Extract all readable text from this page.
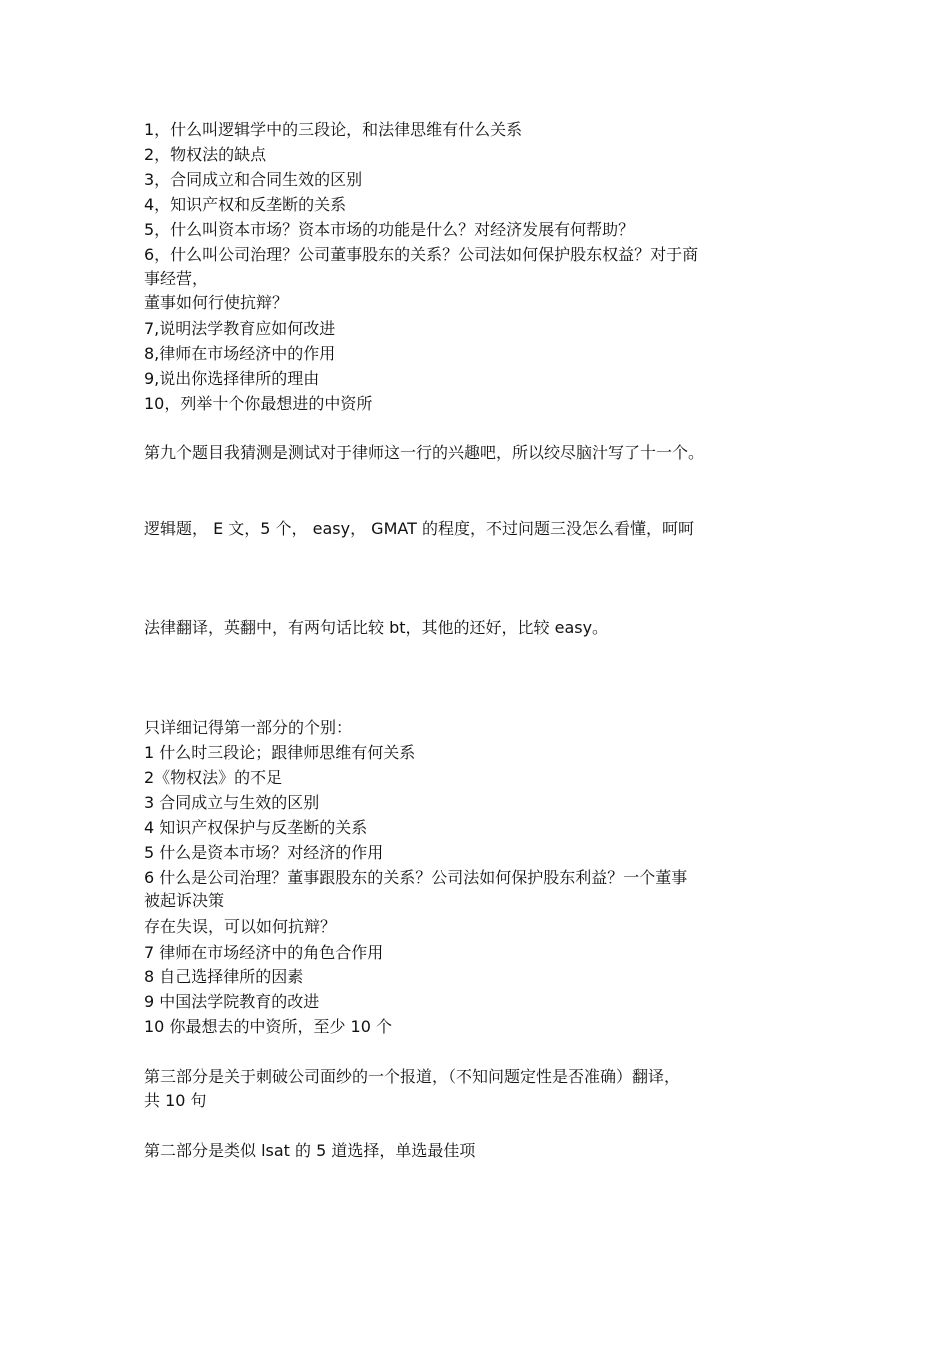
1，什么叫逻辑学中的三段论，和法律思维有什么关系

2，物权法的缺点

3，合同成立和合同生效的区别

4，知识产权和反垄断的关系

5，什么叫资本市场？资本市场的功能是什么？对经济发展有何帮助？

6，什么叫公司治理？公司董事股东的关系？公司法如何保护股东权益？对于商

事经营，

董事如何行使抗辩？

7,说明法学教育应如何改进

8,律师在市场经济中的作用

9,说出你选择律所的理由

10，列举十个你最想进的中资所

第九个题目我猜测是测试对于律师这一行的兴趣吧，所以绞尽脑汁写了十一个。

逻辑题， E 文，5 个， easy， GMAT 的程度，不过问题三没怎么看懂，呵呵

法律翻译，英翻中，有两句话比较 bt，其他的还好，比较 easy。

只详细记得第一部分的个别：

1 什么时三段论；跟律师思维有何关系

2《物权法》的不足

3 合同成立与生效的区别

4 知识产权保护与反垄断的关系

5 什么是资本市场？对经济的作用

6 什么是公司治理？董事跟股东的关系？公司法如何保护股东利益？一个董事

被起诉决策

存在失误，可以如何抗辩？

7 律师在市场经济中的角色合作用

8 自己选择律所的因素

9 中国法学院教育的改进

10 你最想去的中资所，至少 10 个

第三部分是关于刺破公司面纱的一个报道，（不知问题定性是否准确）翻译，

共 10 句

第二部分是类似 lsat 的 5 道选择，单选最佳项
